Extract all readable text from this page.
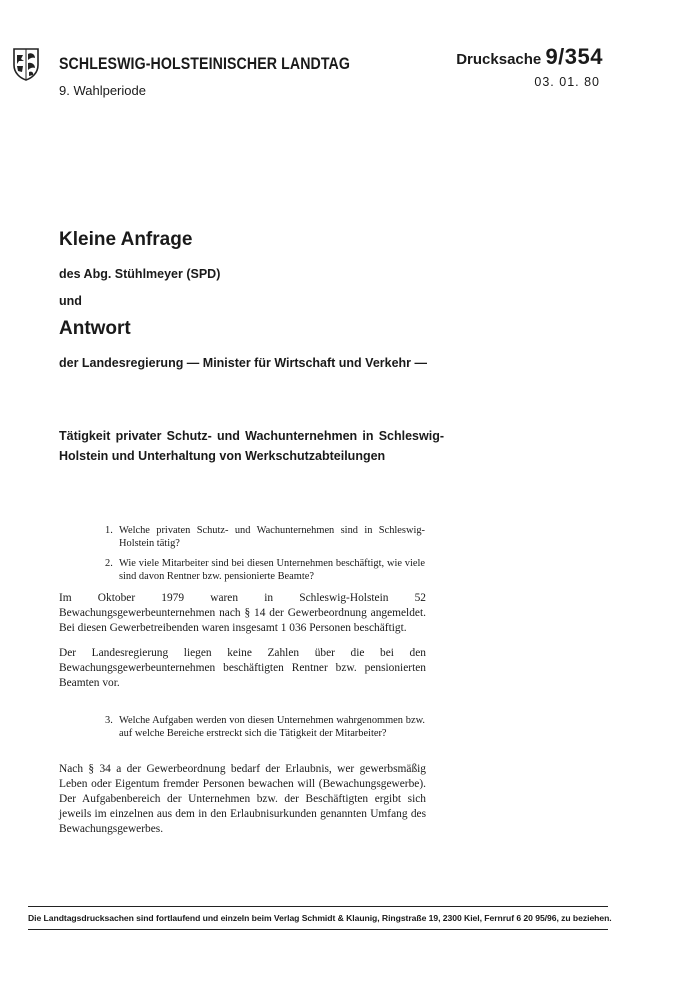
SCHLESWIG-HOLSTEINISCHER LANDTAG
9. Wahlperiode
Drucksache 9/354
03. 01. 80
Kleine Anfrage
des Abg. Stühlmeyer (SPD)
und
Antwort
der Landesregierung — Minister für Wirtschaft und Verkehr —
Tätigkeit privater Schutz- und Wachunternehmen in Schleswig-Holstein und Unterhaltung von Werkschutzabteilungen
1. Welche privaten Schutz- und Wachunternehmen sind in Schleswig-Holstein tätig?
2. Wie viele Mitarbeiter sind bei diesen Unternehmen beschäftigt, wie viele sind davon Rentner bzw. pensionierte Beamte?
Im Oktober 1979 waren in Schleswig-Holstein 52 Bewachungsgewerbeunternehmen nach § 14 der Gewerbeordnung angemeldet. Bei diesen Gewerbetreibenden waren insgesamt 1 036 Personen beschäftigt.
Der Landesregierung liegen keine Zahlen über die bei den Bewachungsgewerbeunternehmen beschäftigten Rentner bzw. pensionierten Beamten vor.
3. Welche Aufgaben werden von diesen Unternehmen wahrgenommen bzw. auf welche Bereiche erstreckt sich die Tätigkeit der Mitarbeiter?
Nach § 34 a der Gewerbeordnung bedarf der Erlaubnis, wer gewerbsmäßig Leben oder Eigentum fremder Personen bewachen will (Bewachungsgewerbe). Der Aufgabenbereich der Unternehmen bzw. der Beschäftigten ergibt sich jeweils im einzelnen aus dem in den Erlaubnisurkunden genannten Umfang des Bewachungsgewerbes.
Die Landtagsdrucksachen sind fortlaufend und einzeln beim Verlag Schmidt & Klaunig, Ringstraße 19, 2300 Kiel, Fernruf 6 20 95/96, zu beziehen.
